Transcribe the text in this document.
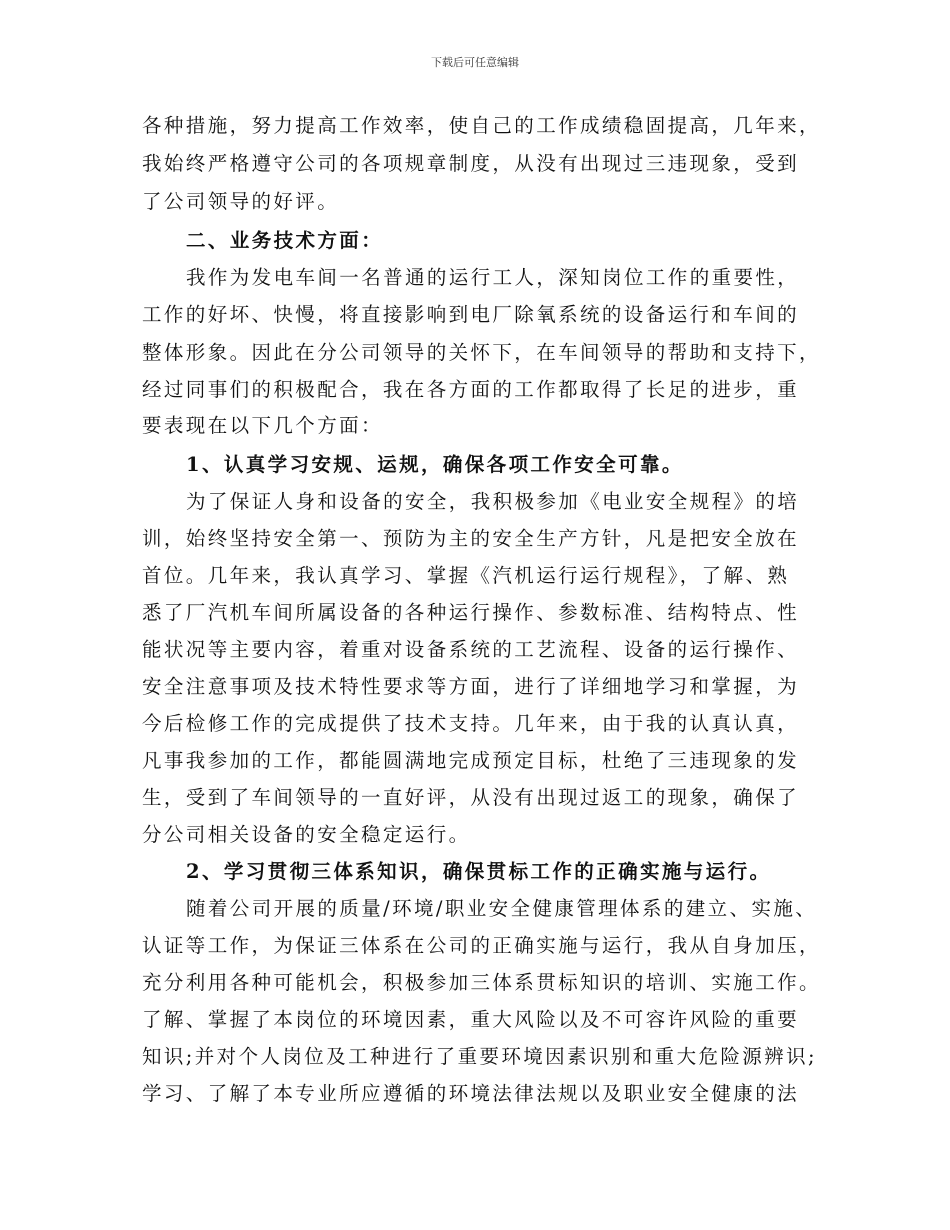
下载后可任意编辑
各种措施，努力提高工作效率，使自己的工作成绩稳固提高，几年来，
我始终严格遵守公司的各项规章制度，从没有出现过三违现象，受到
了公司领导的好评。
二、业务技术方面：
我作为发电车间一名普通的运行工人，深知岗位工作的重要性，
工作的好坏、快慢，将直接影响到电厂除氧系统的设备运行和车间的
整体形象。因此在分公司领导的关怀下，在车间领导的帮助和支持下，
经过同事们的积极配合，我在各方面的工作都取得了长足的进步，重
要表现在以下几个方面：
1、认真学习安规、运规，确保各项工作安全可靠。
为了保证人身和设备的安全，我积极参加《电业安全规程》的培
训，始终坚持安全第一、预防为主的安全生产方针，凡是把安全放在
首位。几年来，我认真学习、掌握《汽机运行运行规程》，了解、熟
悉了厂汽机车间所属设备的各种运行操作、参数标准、结构特点、性
能状况等主要内容，着重对设备系统的工艺流程、设备的运行操作、
安全注意事项及技术特性要求等方面，进行了详细地学习和掌握，为
今后检修工作的完成提供了技术支持。几年来，由于我的认真认真，
凡事我参加的工作，都能圆满地完成预定目标，杜绝了三违现象的发
生，受到了车间领导的一直好评，从没有出现过返工的现象，确保了
分公司相关设备的安全稳定运行。
2、学习贯彻三体系知识，确保贯标工作的正确实施与运行。
随着公司开展的质量/环境/职业安全健康管理体系的建立、实施、
认证等工作，为保证三体系在公司的正确实施与运行，我从自身加压，
充分利用各种可能机会，积极参加三体系贯标知识的培训、实施工作。
了解、掌握了本岗位的环境因素，重大风险以及不可容许风险的重要
知识;并对个人岗位及工种进行了重要环境因素识别和重大危险源辨识;
学习、了解了本专业所应遵循的环境法律法规以及职业安全健康的法
